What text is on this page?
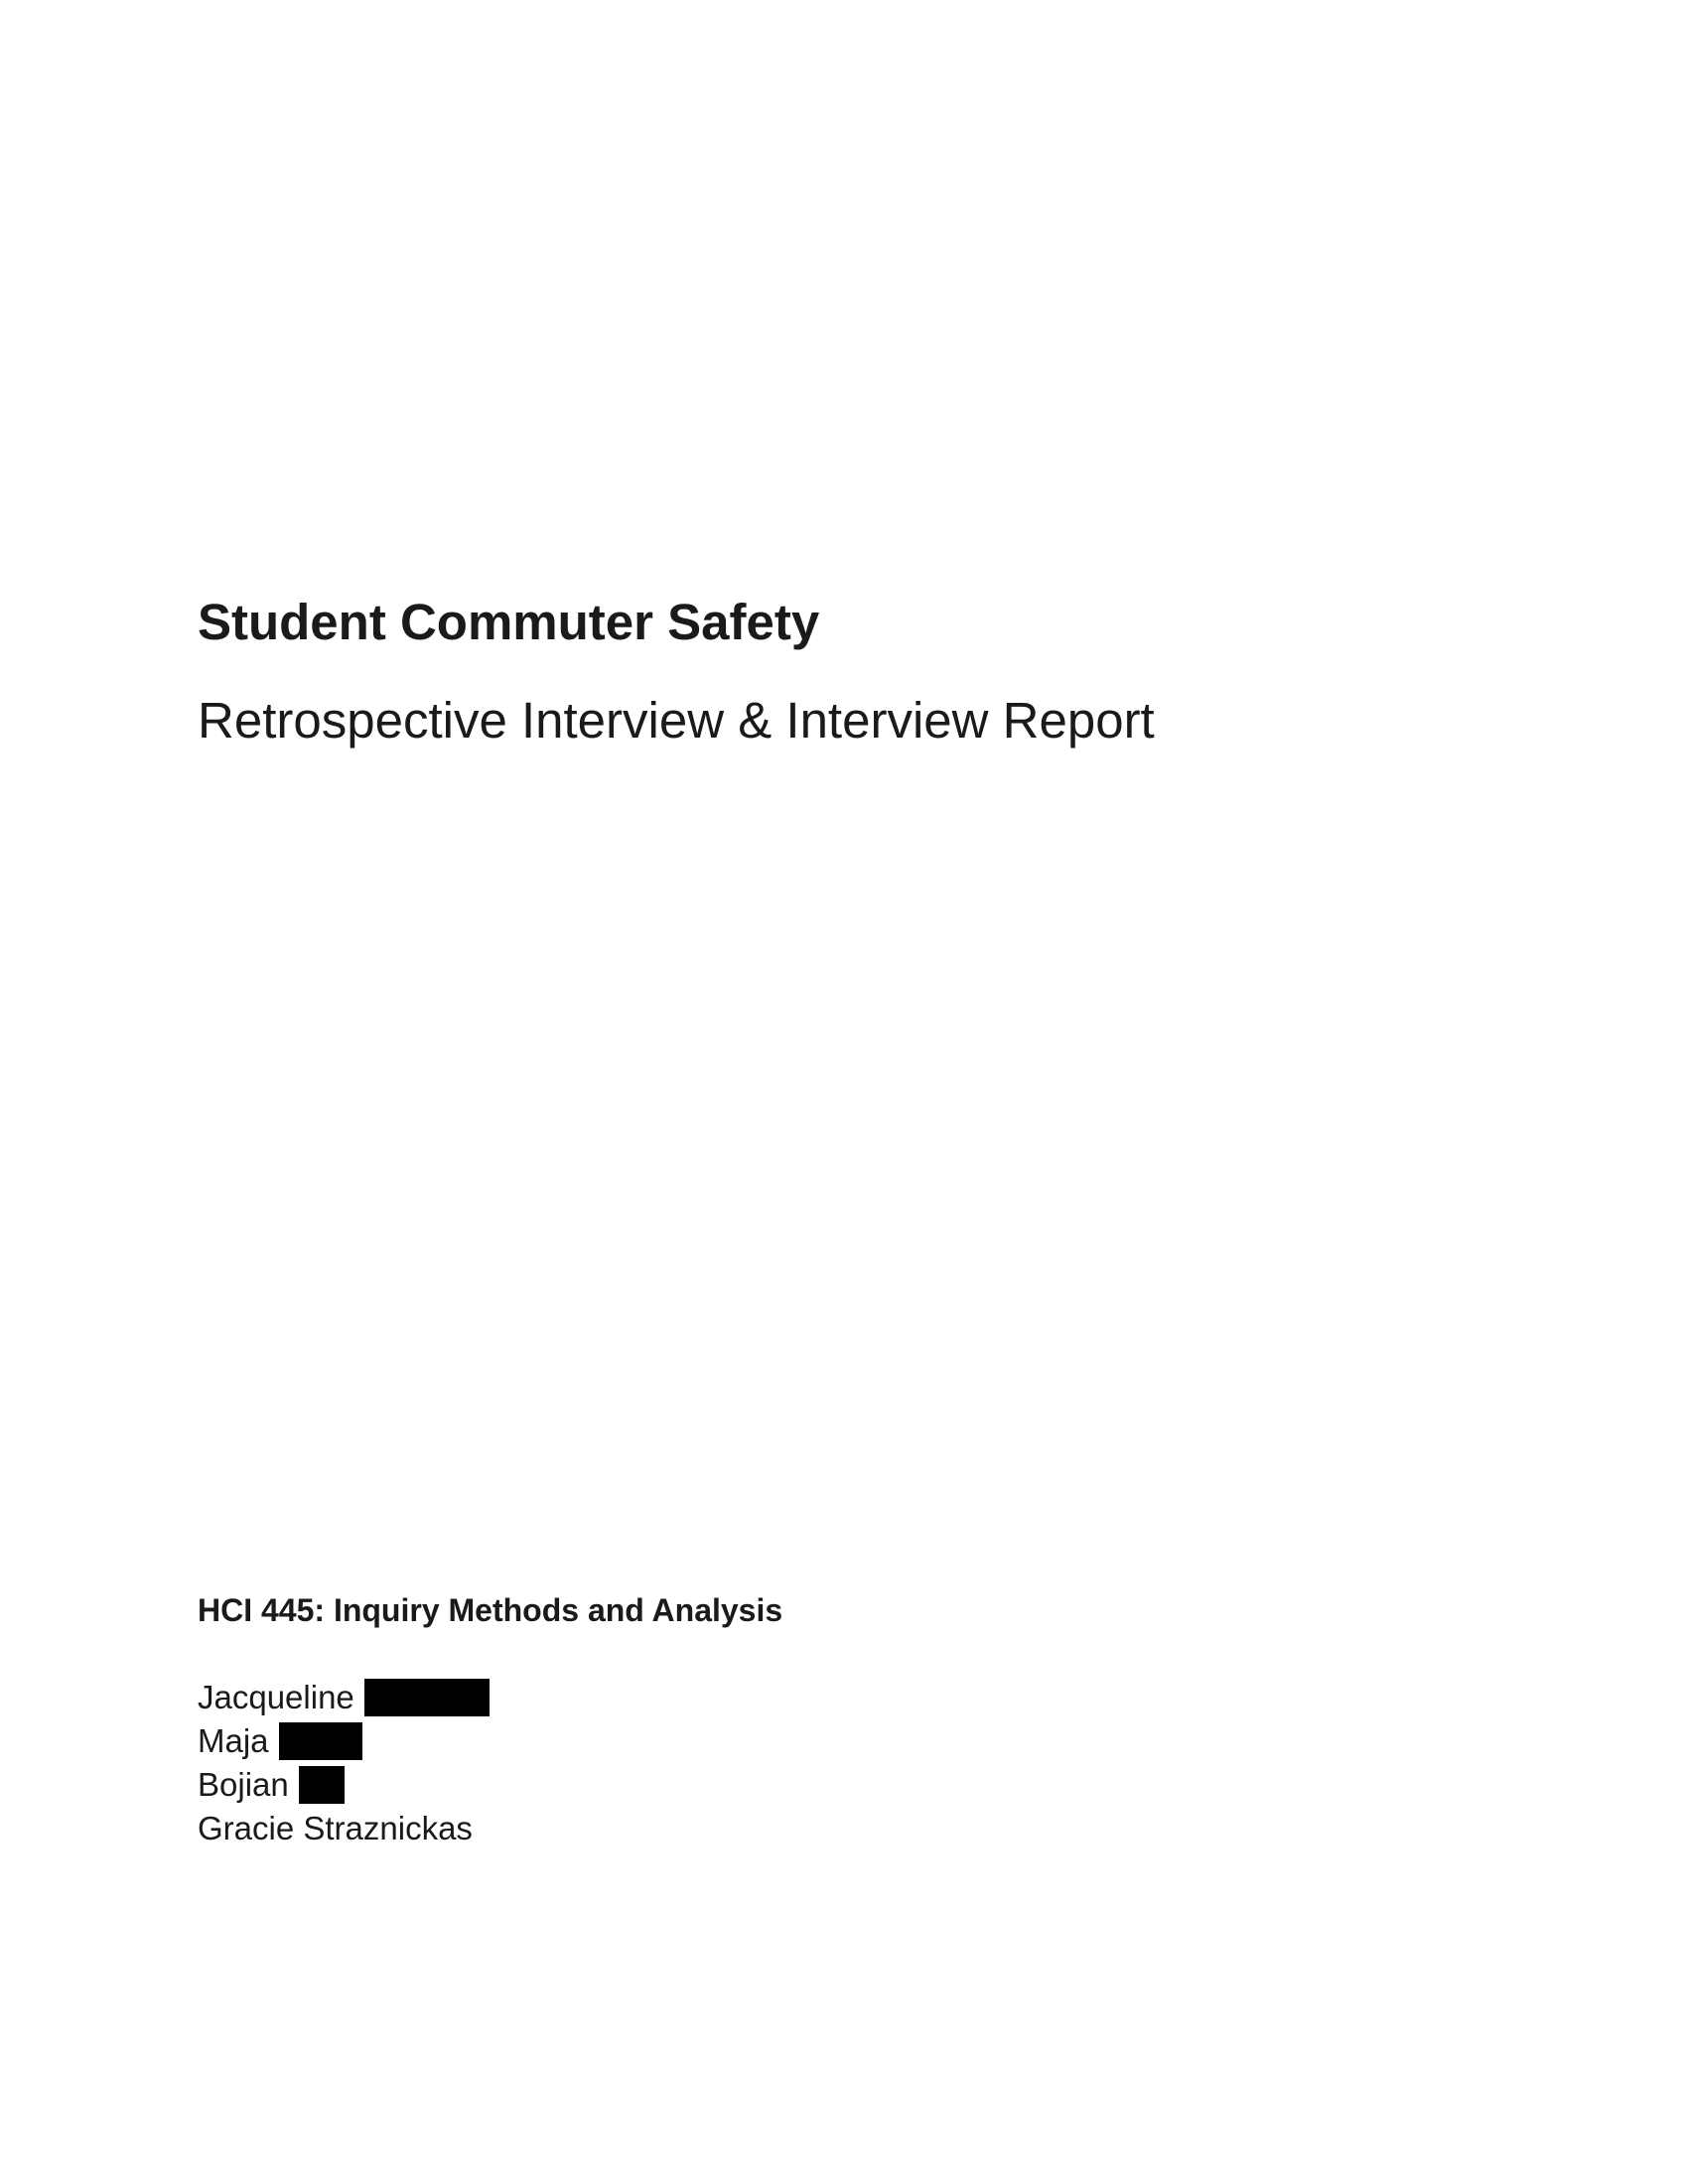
Student Commuter Safety
Retrospective Interview & Interview Report
HCI 445: Inquiry Methods and Analysis
Jacqueline
Maja
Bojian
Gracie Straznickas
